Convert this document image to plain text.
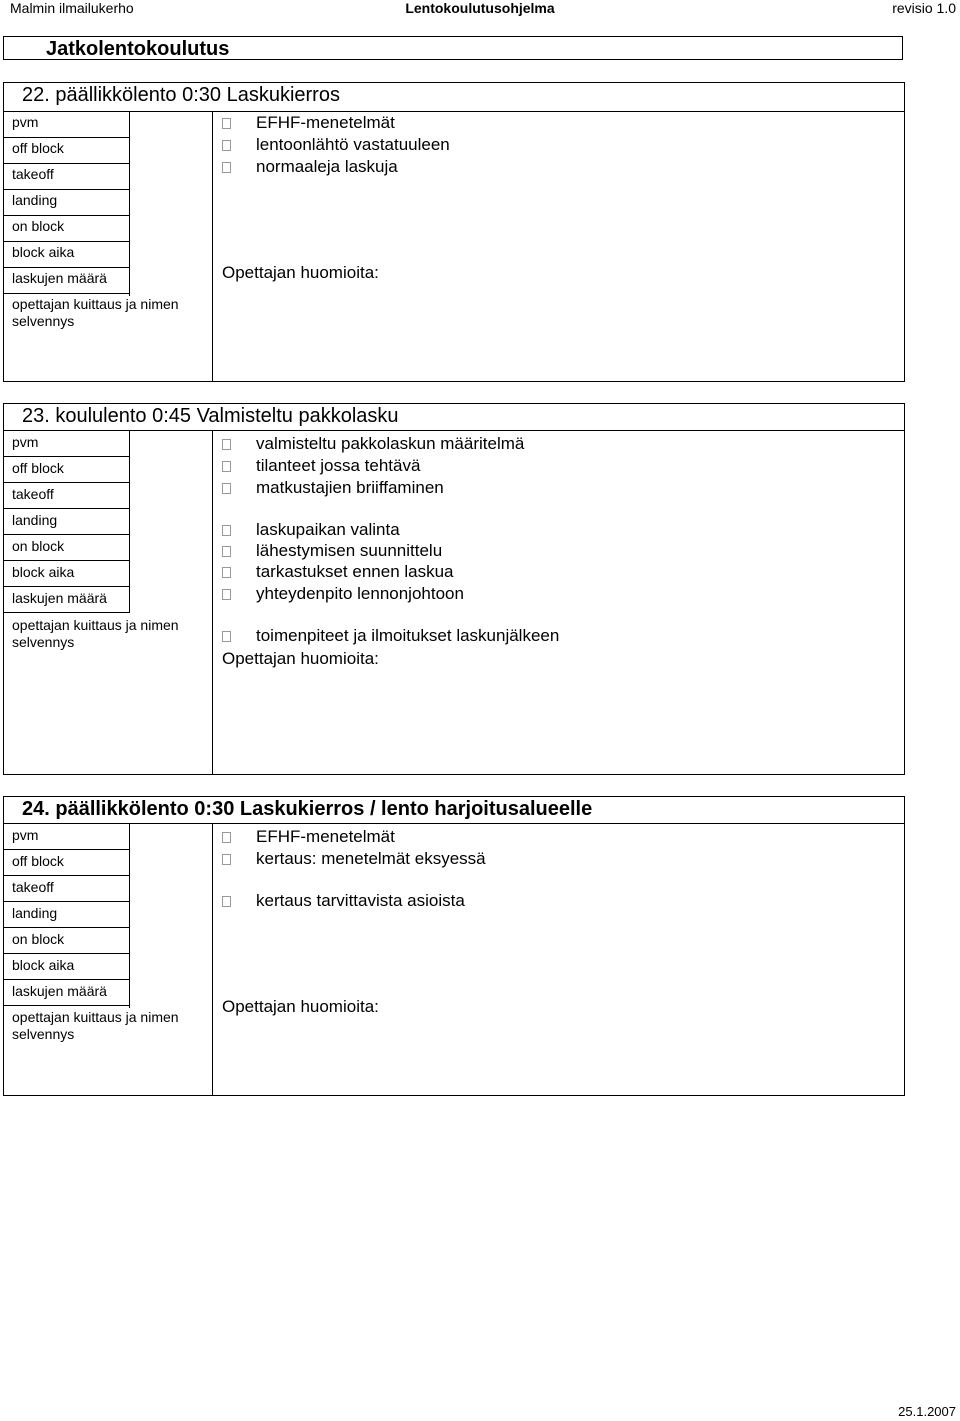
Malmin ilmailukerho	Lentokoulutusohjelma	revisio 1.0
Jatkolentokoulutus
22. päällikkölento 0:30 Laskukierros
pvm
off block
takeoff
landing
on block
block aika
laskujen määrä
opettajan kuittaus ja nimen
selvennys
EFHF-menetelmät
lentoonlähtö vastatuuleen
normaaleja laskuja
Opettajan huomioita:
23. koululento 0:45 Valmisteltu pakkolasku
pvm
off block
takeoff
landing
on block
block aika
laskujen määrä
opettajan kuittaus ja nimen
selvennys
valmisteltu pakkolaskun määritelmä
tilanteet jossa tehtävä
matkustajien briiffaminen
laskupaikan valinta
lähestymisen suunnittelu
tarkastukset ennen laskua
yhteydenpito lennonjohtoon
toimenpiteet ja ilmoitukset laskunjälkeen
Opettajan huomioita:
24. päällikkölento 0:30 Laskukierros / lento harjoitusalueelle
pvm
off block
takeoff
landing
on block
block aika
laskujen määrä
opettajan kuittaus ja nimen
selvennys
EFHF-menetelmät
kertaus: menetelmät eksyessä
kertaus tarvittavista asioista
Opettajan huomioita:
25.1.2007
